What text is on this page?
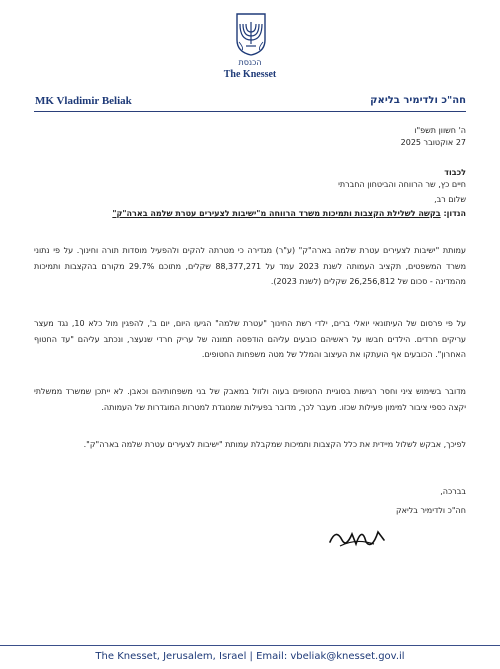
הכנסת
The Knesset
MK Vladimir Beliak	חה"כ ולדימיר בליאק
ה' חשוון תשפ"ו
27 אוקטובר 2025
לכבוד
חיים כץ, שר הרווחה והביטחון החברתי
שלום רב,
הנדון: בקשה לשלילת הקצבות ותמיכות משרד הרווחה מ"ישיבות לצעירים עטרת שלמה בארה"ק"
עמותת "ישיבות לצעירים עטרת שלמה בארה"ק" (ע"ר) מגדירה כי מטרתה להקים ולהפעיל מוסדות תורה וחינוך. על פי נתוני משרד המשפטים, תקציב העמותה לשנת 2023 עמד על 88,377,271 שקלים, מתוכם 29.7% מקורם בהקצבות ותמיכות מהמדינה - סכום של 26,256,812 שקלים (לשנת 2023).
על פי פרסום של העיתונאי יואלי ברים, ילדי רשת החינוך "עטרת שלמה" הגיעו היום, יום ב', להפגין מול כלא 10, נגד מעצר עריקים חרדים. הילדים חבשו על ראשיהם כובעים עליהם הודפסה תמונה של עריק חרדי שנעצר, ונכתב עליהם "עד החטוף האחרון". הכובעים אף הועתקו את העיצוב והמלל של מטה משפחות החטופים.
מדובר בשימוש ציני וחסר רגישות בסוגיית החטופים בעוה ולזול במאבק של בני משפחותיהם וכאבן. לא ייתכן שמשרד ממשלתי יקצה כספי ציבור למימון פעילות שכזו. מעבר לכך, מדובר בפעילות שמנוגדת למטרות המוגדרות של העמותה.
לפיכך, אבקש לשלול מיידית את כלל הקצבות ותמיכות שמקבלת עמותת "ישיבות לצעירים עטרת שלמה בארה"ק".
בברכה,
חה"כ ולדימיר בליאק
The Knesset, Jerusalem, Israel | Email: vbeliak@knesset.gov.il
